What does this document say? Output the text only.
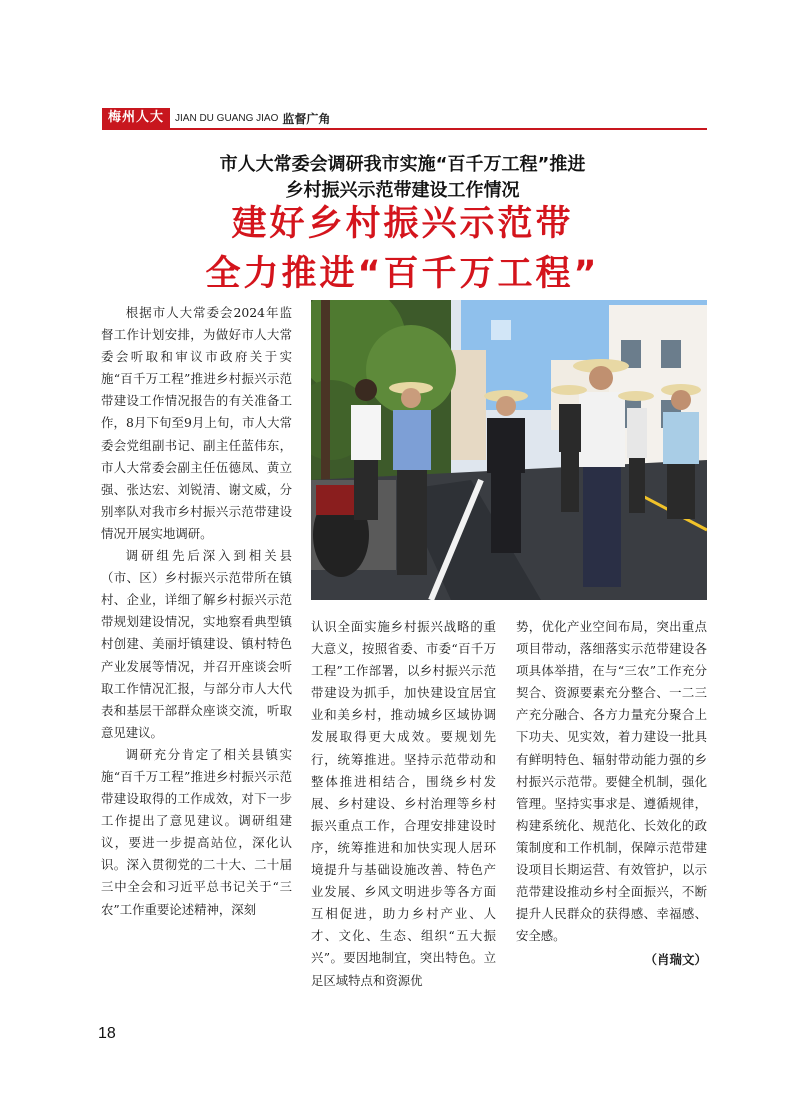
梅州人大	JIAN DU GUANG JIAO 监督广角
市人大常委会调研我市实施“百千万工程”推进
乡村振兴示范带建设工作情况
建好乡村振兴示范带
全力推进“百千万工程”

根据市人大常委会2024年监督工作计划安排，为做好市人大常委会听取和审议市政府关于实施“百千万工程”推进乡村振兴示范带建设工作情况报告的有关准备工作，8月下旬至9月上旬，市人大常委会党组副书记、副主任蓝伟东，市人大常委会副主任伍德凤、黄立强、张达宏、刘锐清、谢文威，分别率队对我市乡村振兴示范带建设情况开展实地调研。

调研组先后深入到相关县（市、区）乡村振兴示范带所在镇村、企业，详细了解乡村振兴示范带规划建设情况，实地察看典型镇村创建、美丽圩镇建设、镇村特色产业发展等情况，并召开座谈会听取工作情况汇报，与部分市人大代表和基层干部群众座谈交流，听取意见建议。

调研充分肯定了相关县镇实施“百千万工程”推进乡村振兴示范带建设取得的工作成效，对下一步工作提出了意见建议。调研组建议，要进一步提高站位，深化认识。深入贯彻党的二十大、二十届三中全会和习近平总书记关于“三农”工作重要论述精神，深刻

认识全面实施乡村振兴战略的重大意义，按照省委、市委“百千万工程”工作部署，以乡村振兴示范带建设为抓手，加快建设宜居宜业和美乡村，推动城乡区域协调发展取得更大成效。要规划先行，统筹推进。坚持示范带动和整体推进相结合，围绕乡村发展、乡村建设、乡村治理等乡村振兴重点工作，合理安排建设时序，统筹推进和加快实现人居环境提升与基础设施改善、特色产业发展、乡风文明进步等各方面互相促进，助力乡村产业、人才、文化、生态、组织“五大振兴”。要因地制宜，突出特色。立足区域特点和资源优
势，优化产业空间布局，突出重点项目带动，落细落实示范带建设各项具体举措，在与“三农”工作充分契合、资源要素充分整合、一二三产充分融合、各方力量充分聚合上下功夫、见实效，着力建设一批具有鲜明特色、辐射带动能力强的乡村振兴示范带。要健全机制，强化管理。坚持实事求是、遵循规律，构建系统化、规范化、长效化的政策制度和工作机制，保障示范带建设项目长期运营、有效管护，以示范带建设推动乡村全面振兴，不断提升人民群众的获得感、幸福感、安全感。
（肖瑞文）
18
